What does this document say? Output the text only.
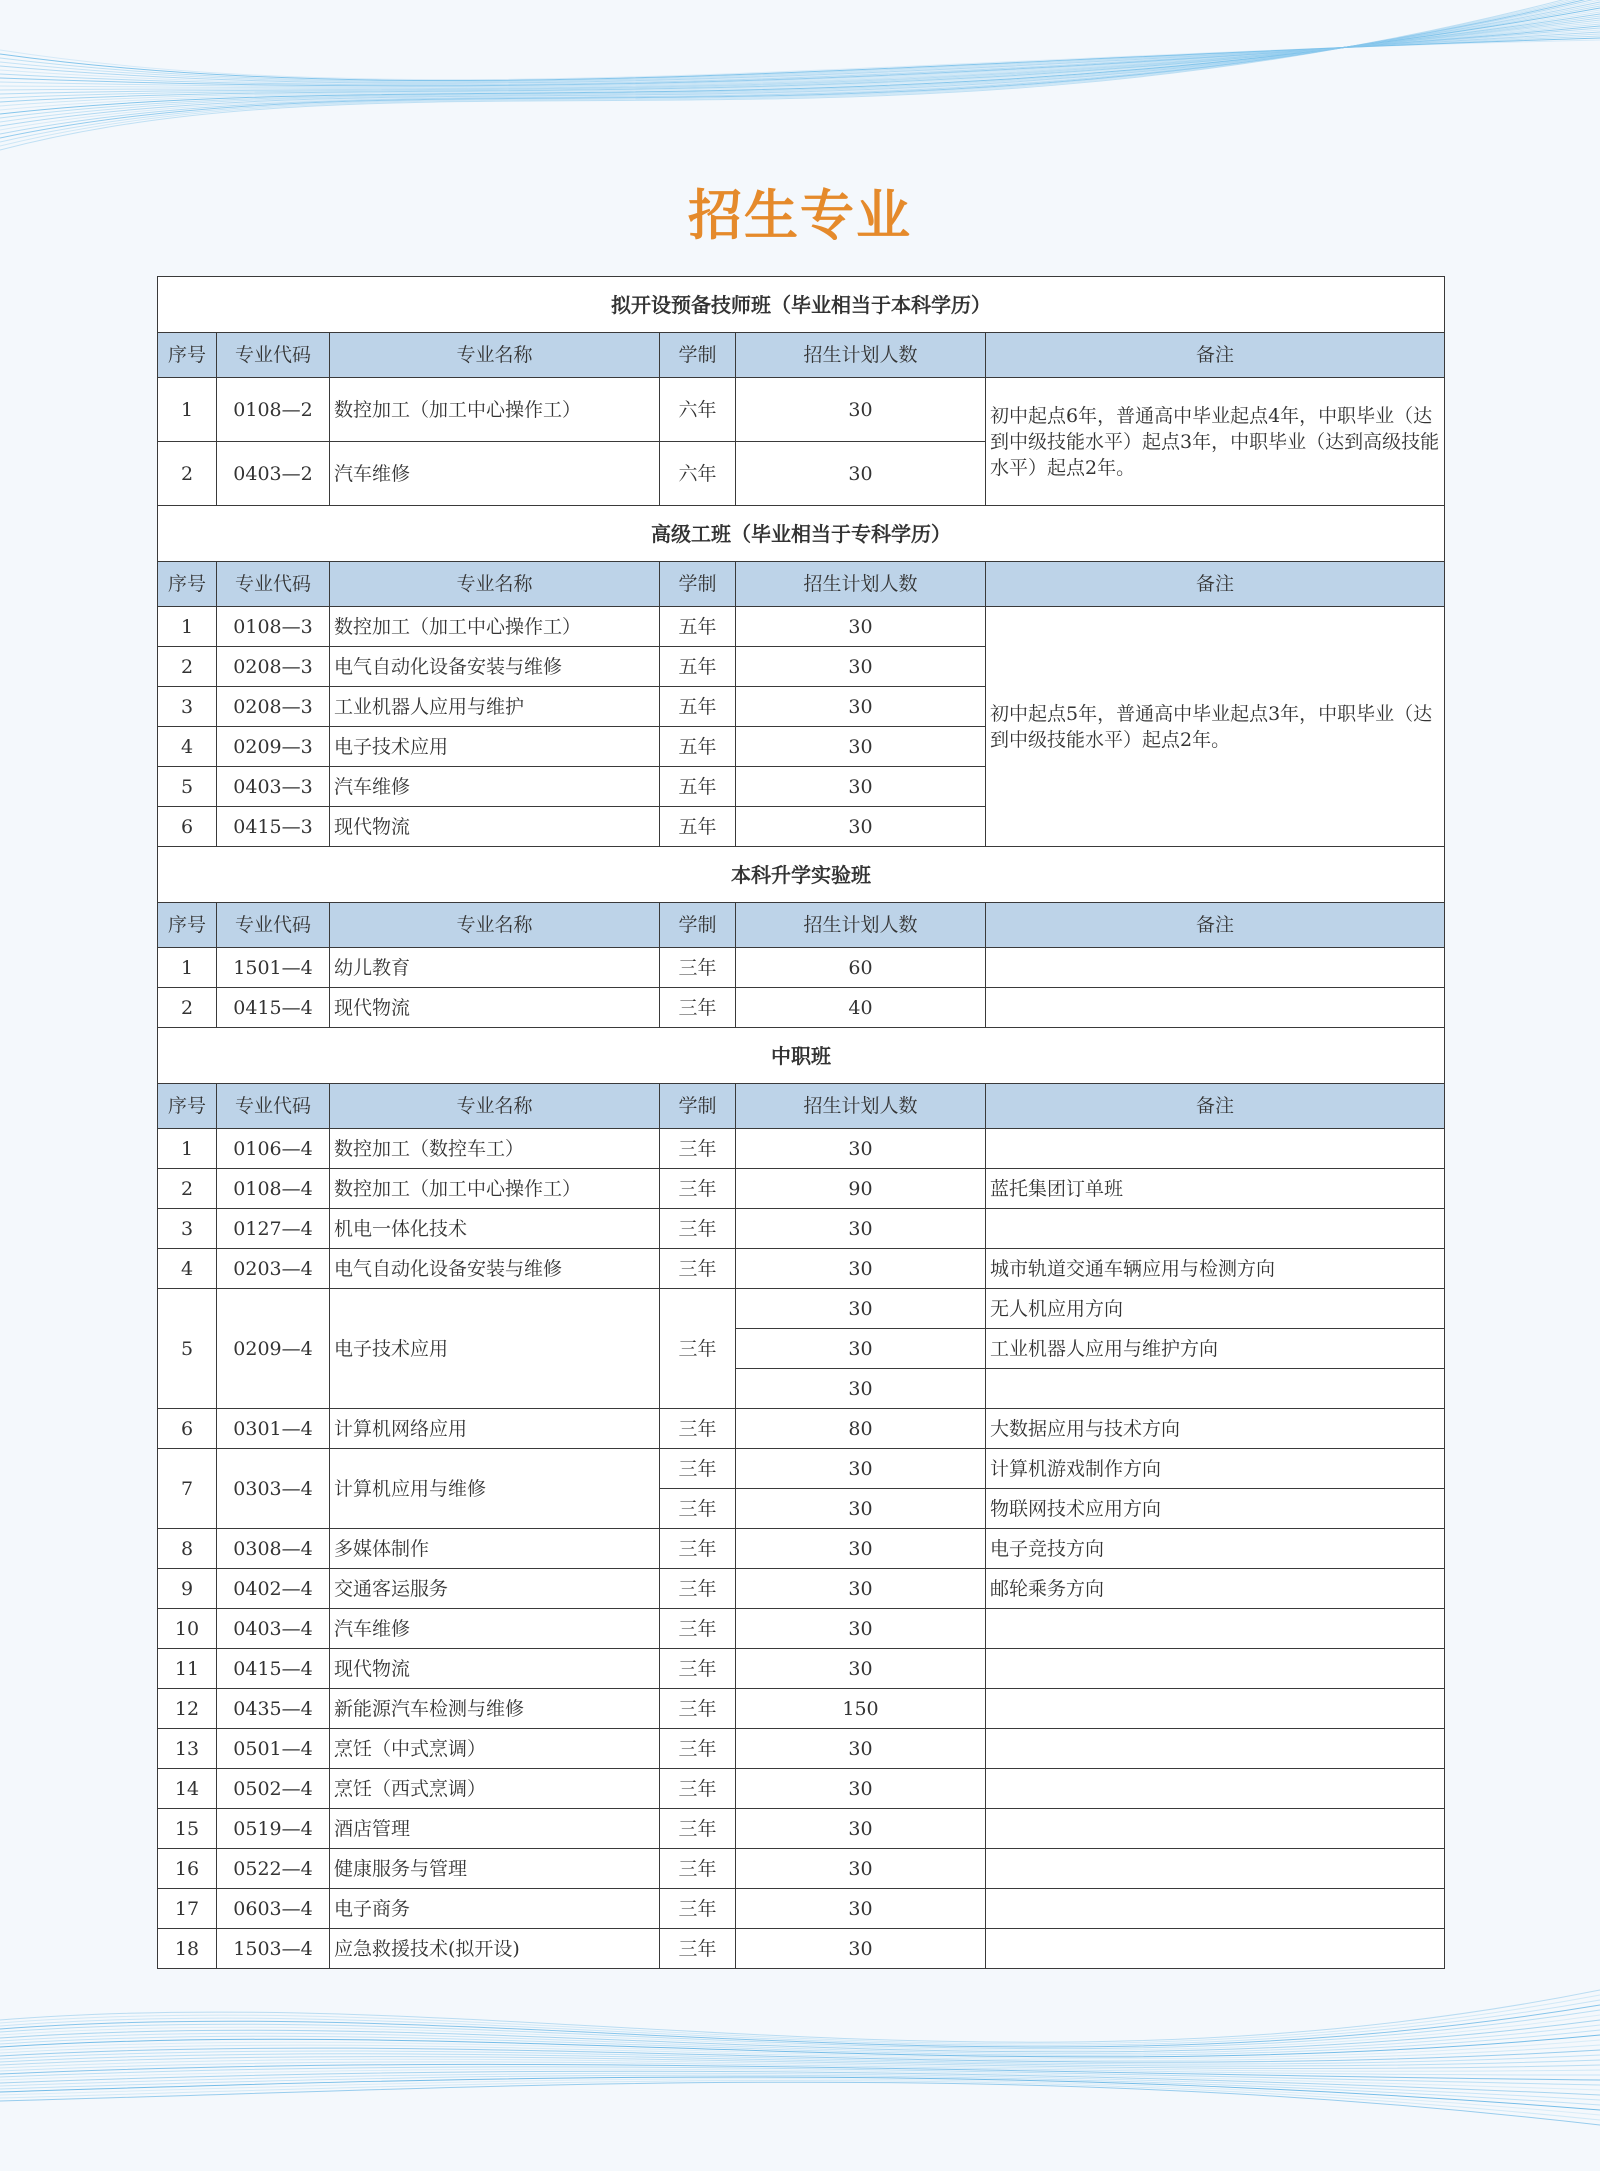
招生专业
拟开设预备技师班（毕业相当于本科学历）					
序号	专业代码	专业名称	学制	招生计划人数	备注
1	0108—2	数控加工（加工中心操作工）	六年	30	初中起点6年，普通高中毕业起点4年，中职毕业（达到中级技能水平）起点3年，中职毕业（达到高级技能水平）起点2年。
2	0403—2	汽车维修	六年	30	
高级工班（毕业相当于专科学历）					
序号	专业代码	专业名称	学制	招生计划人数	备注
1	0108—3	数控加工（加工中心操作工）	五年	30	初中起点5年，普通高中毕业起点3年，中职毕业（达到中级技能水平）起点2年。
2	0208—3	电气自动化设备安装与维修	五年	30	
3	0208—3	工业机器人应用与维护	五年	30	
4	0209—3	电子技术应用	五年	30	
5	0403—3	汽车维修	五年	30	
6	0415—3	现代物流	五年	30	
本科升学实验班					
序号	专业代码	专业名称	学制	招生计划人数	备注
1	1501—4	幼儿教育	三年	60	
2	0415—4	现代物流	三年	40	
中职班					
序号	专业代码	专业名称	学制	招生计划人数	备注
1	0106—4	数控加工（数控车工）	三年	30	
2	0108—4	数控加工（加工中心操作工）	三年	90	蓝托集团订单班
3	0127—4	机电一体化技术	三年	30	
4	0203—4	电气自动化设备安装与维修	三年	30	城市轨道交通车辆应用与检测方向
5	0209—4	电子技术应用	三年	30	无人机应用方向
				30	工业机器人应用与维护方向
				30	
6	0301—4	计算机网络应用	三年	80	大数据应用与技术方向
7	0303—4	计算机应用与维修	三年	30	计算机游戏制作方向
			三年	30	物联网技术应用方向
8	0308—4	多媒体制作	三年	30	电子竞技方向
9	0402—4	交通客运服务	三年	30	邮轮乘务方向
10	0403—4	汽车维修	三年	30	
11	0415—4	现代物流	三年	30	
12	0435—4	新能源汽车检测与维修	三年	150	
13	0501—4	烹饪（中式烹调）	三年	30	
14	0502—4	烹饪（西式烹调）	三年	30	
15	0519—4	酒店管理	三年	30	
16	0522—4	健康服务与管理	三年	30	
17	0603—4	电子商务	三年	30	
18	1503—4	应急救援技术(拟开设)	三年	30	
